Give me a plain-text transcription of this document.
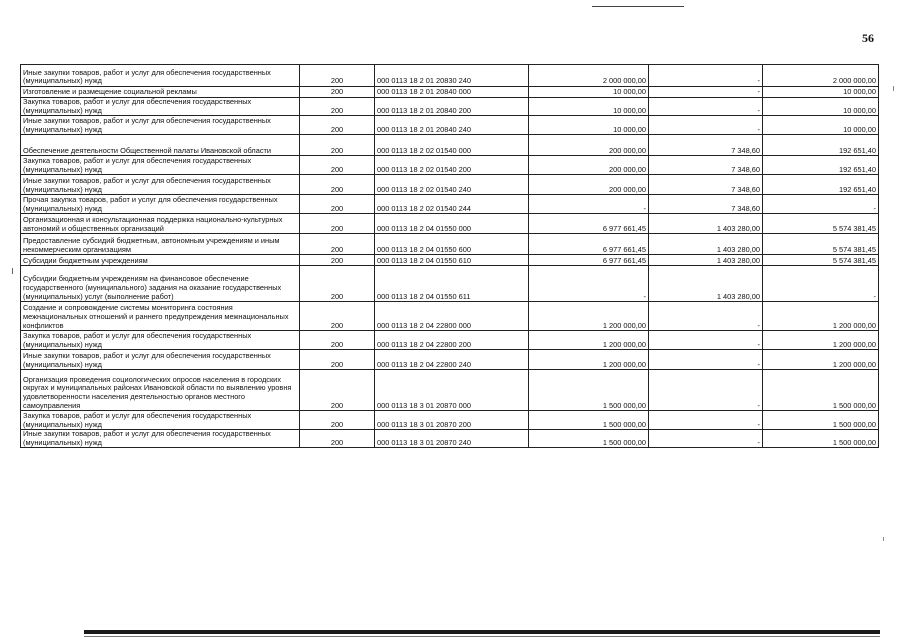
56
Иные закупки товаров, работ и услуг для обеспечения государственных (муниципальных) нужд	200	000 0113 18 2 01 20830 240	2 000 000,00	-	2 000 000,00
Изготовление и размещение социальной рекламы	200	000 0113 18 2 01 20840 000	10 000,00	-	10 000,00
Закупка товаров, работ и услуг для обеспечения государственных (муниципальных) нужд	200	000 0113 18 2 01 20840 200	10 000,00	-	10 000,00
Иные закупки товаров, работ и услуг для обеспечения государственных (муниципальных) нужд	200	000 0113 18 2 01 20840 240	10 000,00	-	10 000,00
Обеспечение деятельности Общественной палаты Ивановской области	200	000 0113 18 2 02 01540 000	200 000,00	7 348,60	192 651,40
Закупка товаров, работ и услуг для обеспечения государственных (муниципальных) нужд	200	000 0113 18 2 02 01540 200	200 000,00	7 348,60	192 651,40
Иные закупки товаров, работ и услуг для обеспечения государственных (муниципальных) нужд	200	000 0113 18 2 02 01540 240	200 000,00	7 348,60	192 651,40
Прочая закупка товаров, работ и услуг для обеспечения государственных (муниципальных) нужд	200	000 0113 18 2 02 01540 244	-	7 348,60	-
Организационная и консультационная поддержка национально-культурных автономий и общественных организаций	200	000 0113 18 2 04 01550 000	6 977 661,45	1 403 280,00	5 574 381,45
Предоставление субсидий бюджетным, автономным учреждениям и иным некоммерческим организациям	200	000 0113 18 2 04 01550 600	6 977 661,45	1 403 280,00	5 574 381,45
Субсидии бюджетным учреждениям	200	000 0113 18 2 04 01550 610	6 977 661,45	1 403 280,00	5 574 381,45
Субсидии бюджетным учреждениям на финансовое обеспечение государственного (муниципального) задания на оказание государственных (муниципальных) услуг (выполнение работ)	200	000 0113 18 2 04 01550 611	-	1 403 280,00	-
Создание и сопровождение системы мониторинга состояния межнациональных отношений и раннего предупреждения межнациональных конфликтов	200	000 0113 18 2 04 22800 000	1 200 000,00	-	1 200 000,00
Закупка товаров, работ и услуг для обеспечения государственных (муниципальных) нужд	200	000 0113 18 2 04 22800 200	1 200 000,00	-	1 200 000,00
Иные закупки товаров, работ и услуг для обеспечения государственных (муниципальных) нужд	200	000 0113 18 2 04 22800 240	1 200 000,00	-	1 200 000,00
Организация проведения социологических опросов населения в городских округах и муниципальных районах Ивановской области по выявлению уровня удовлетворенности населения деятельностью органов местного самоуправления	200	000 0113 18 3 01 20870 000	1 500 000,00	-	1 500 000,00
Закупка товаров, работ и услуг для обеспечения государственных (муниципальных) нужд	200	000 0113 18 3 01 20870 200	1 500 000,00	-	1 500 000,00
Иные закупки товаров, работ и услуг для обеспечения государственных (муниципальных) нужд	200	000 0113 18 3 01 20870 240	1 500 000,00	-	1 500 000,00
